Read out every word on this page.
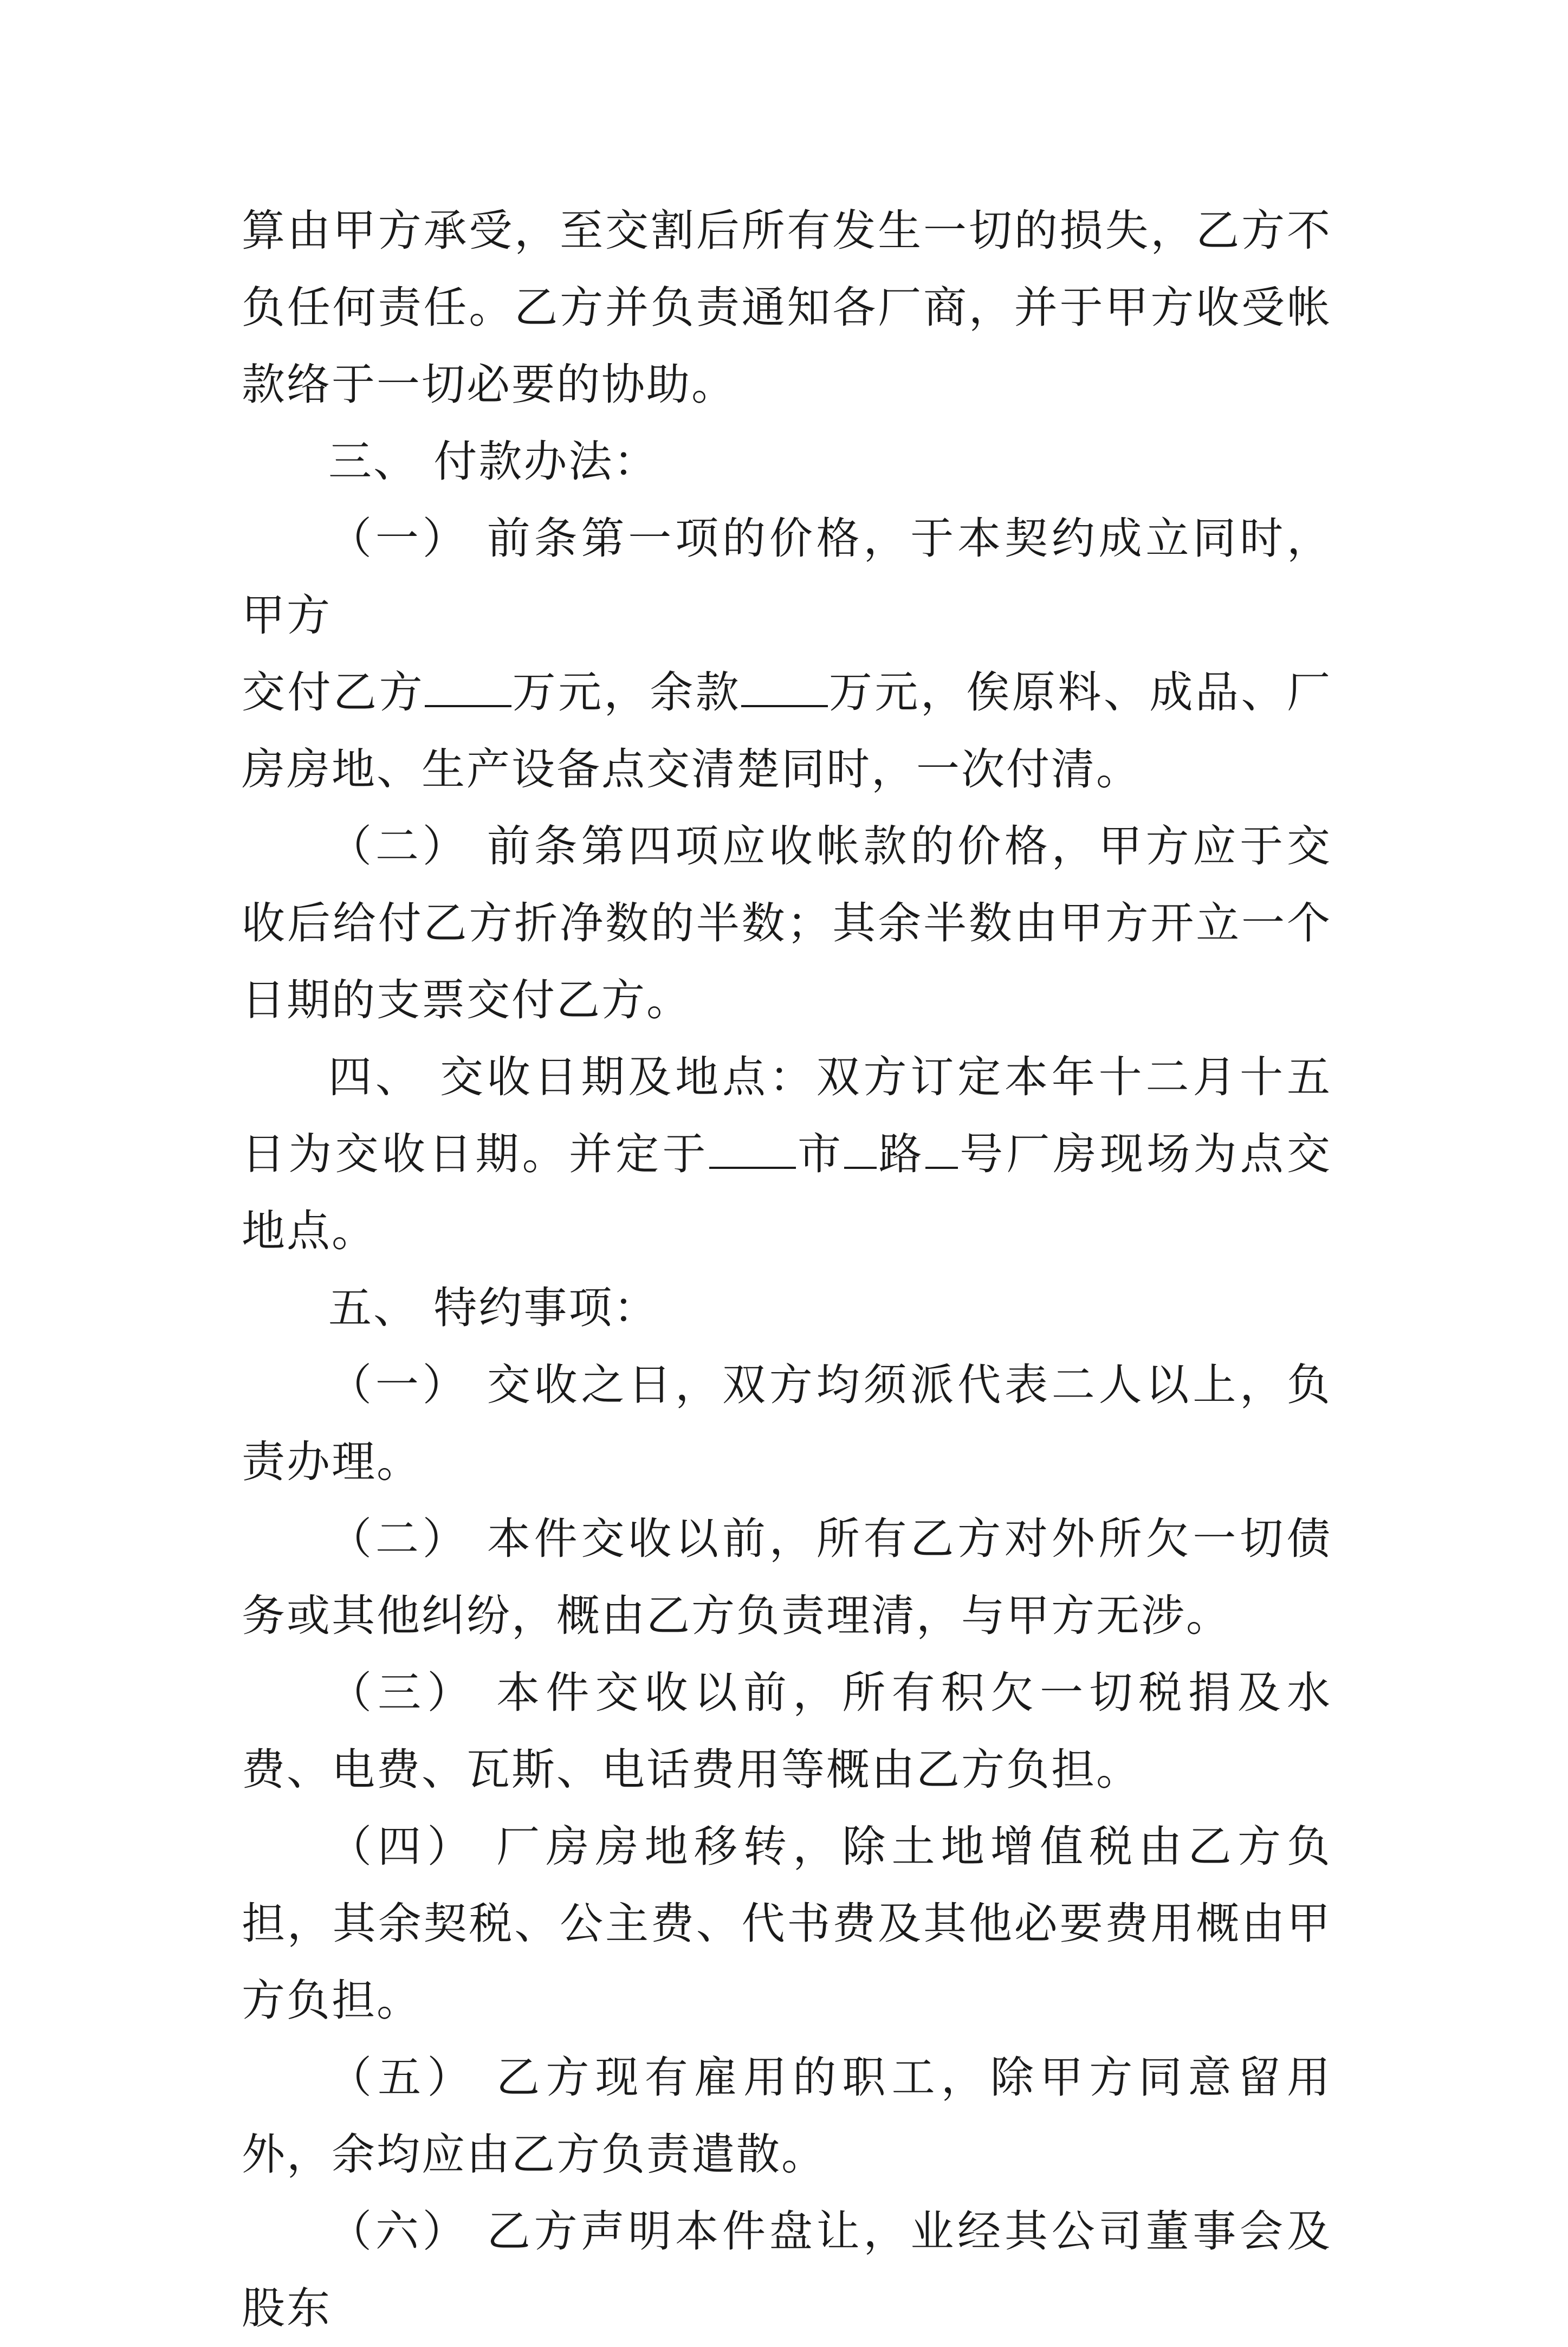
算由甲方承受，至交割后所有发生一切的损失，乙方不负任何责任。乙方并负责通知各厂商，并于甲方收受帐款络于一切必要的协助。

三、 付款办法：

（一） 前条第一项的价格，于本契约成立同时，甲方

交付乙方 万元，余款 万元，俟原料、成品、厂房房地、生产设备点交清楚同时，一次付清。

（二） 前条第四项应收帐款的价格，甲方应于交收后给付乙方折净数的半数；其余半数由甲方开立一个日期的支票交付乙方。

四、 交收日期及地点：双方订定本年十二月十五日为交收日期。并定于 市 路 号厂房现场为点交地点。

五、 特约事项：

（一） 交收之日，双方均须派代表二人以上，负责办理。

（二） 本件交收以前，所有乙方对外所欠一切债务或其他纠纷，概由乙方负责理清，与甲方无涉。

（三） 本件交收以前，所有积欠一切税捐及水费、电费、瓦斯、电话费用等概由乙方负担。

（四） 厂房房地移转，除土地增值税由乙方负担，其余契税、公主费、代书费及其他必要费用概由甲方负担。

（五） 乙方现有雇用的职工，除甲方同意留用外，余均应由乙方负责遣散。

（六） 乙方声明本件盘让，业经其公司董事会及股东
